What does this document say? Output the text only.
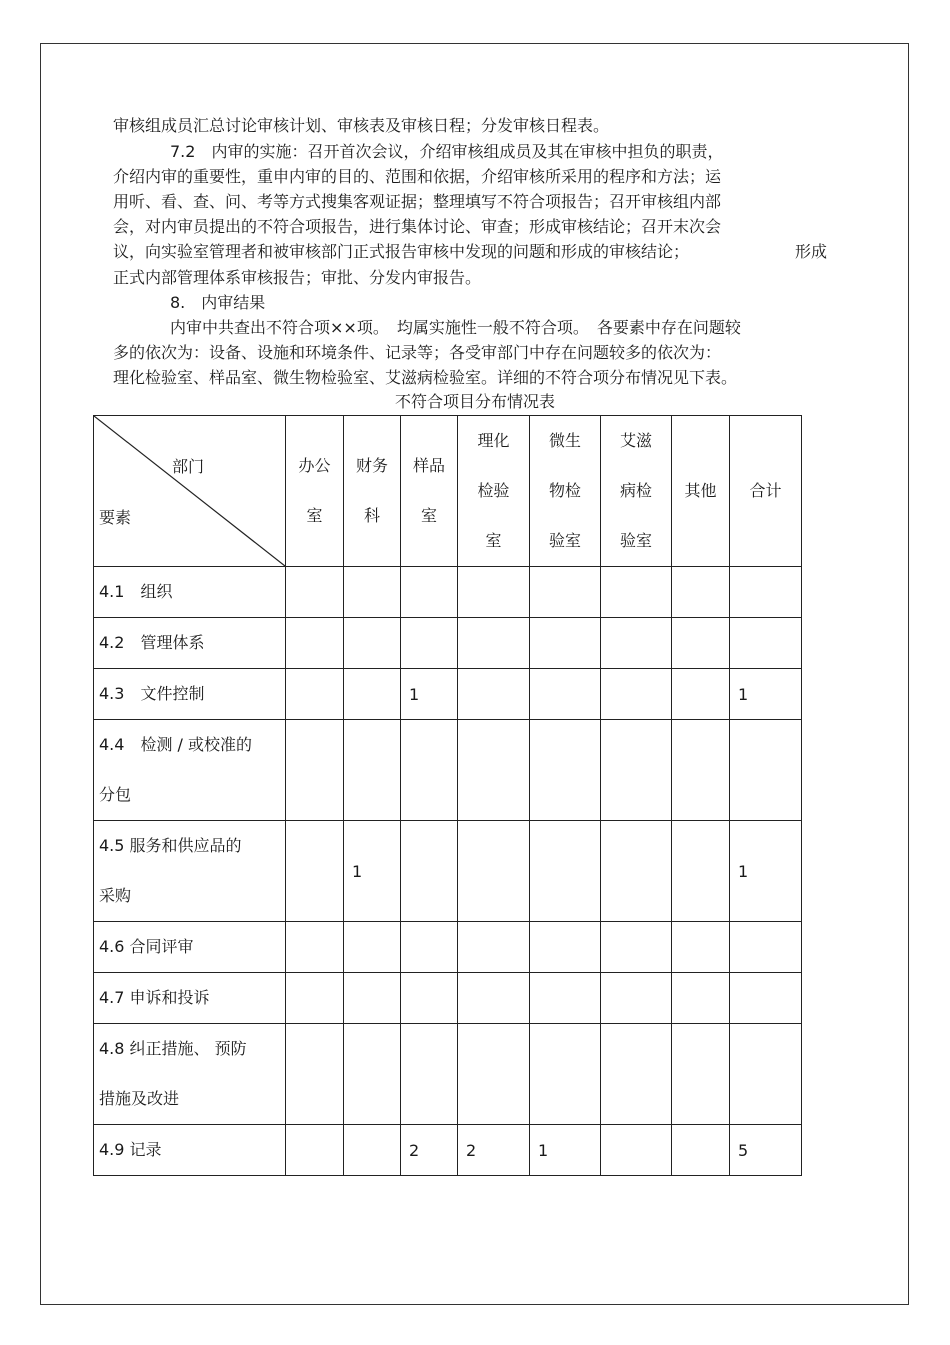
审核组成员汇总讨论审核计划、审核表及审核日程；分发审核日程表。
7.2　内审的实施：召开首次会议，介绍审核组成员及其在审核中担负的职责，
介绍内审的重要性，重申内审的目的、范围和依据，介绍审核所采用的程序和方法；运
用听、看、查、问、考等方式搜集客观证据；整理填写不符合项报告；召开审核组内部
会，对内审员提出的不符合项报告，进行集体讨论、审查；形成审核结论；召开末次会
议，向实验室管理者和被审核部门正式报告审核中发现的问题和形成的审核结论；	形成
正式内部管理体系审核报告；审批、分发内审报告。
8.　内审结果
内审中共查出不符合项××项。　均属实施性一般不符合项。　各要素中存在问题较
多的依次为：设备、设施和环境条件、记录等；各受审部门中存在问题较多的依次为：
理化检验室、样品室、微生物检验室、艾滋病检验室。详细的不符合项分布情况见下表。
不符合项目分布情况表
部门
要素	办公
室	财务
科	样品
室	理化
检验
室	微生
物检
验室	艾滋
病检
验室	其他	合计

4.1　组织								

4.2　管理体系								

4.3　文件控制			1					1

4.4　检测 / 或校准的
分包								

4.5 服务和供应品的
采购		1						1

4.6 合同评审								

4.7 申诉和投诉								

4.8 纠正措施、 预防
措施及改进								

4.9 记录			2	2	1			5
